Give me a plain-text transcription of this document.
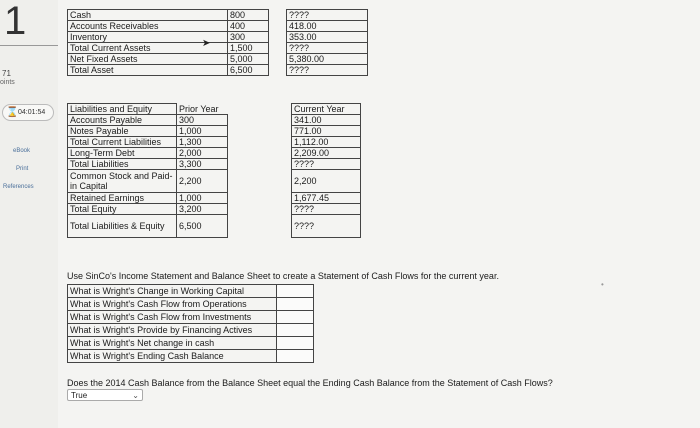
1
71
oints
⌛ 04:01:54
eBook
Print
References
Cash	800		????
Accounts Receivables	400		418.00
Inventory	300		353.00
Total Current Assets	1,500		????
Net Fixed Assets	5,000		5,380.00
Total Asset	6,500		????
➤
Liabilities and Equity	Prior Year		Current Year
Accounts Payable	300		341.00
Notes Payable	1,000		771.00
Total Current Liabilities	1,300		1,112.00
Long-Term Debt	2,000		2,209.00
Total Liabilities	3,300		????
Common Stock and Paid-in Capital	2,200		2,200
Retained Earnings	1,000		1,677.45
Total Equity	3,200		????
Total Liabilities & Equity	6,500		????
Use SinCo's Income Statement and Balance Sheet to create a Statement of Cash Flows for the current year.
What is Wright's Change in Working Capital	
What is Wright's Cash Flow from Operations	
What is Wright's Cash Flow from Investments	
What is Wright's Provide by Financing Actives	
What is Wright's Net change in cash	
What is Wright's Ending Cash Balance	
•
Does the 2014 Cash Balance from the Balance Sheet equal the Ending Cash Balance from the Statement of Cash Flows?
True	⌄
